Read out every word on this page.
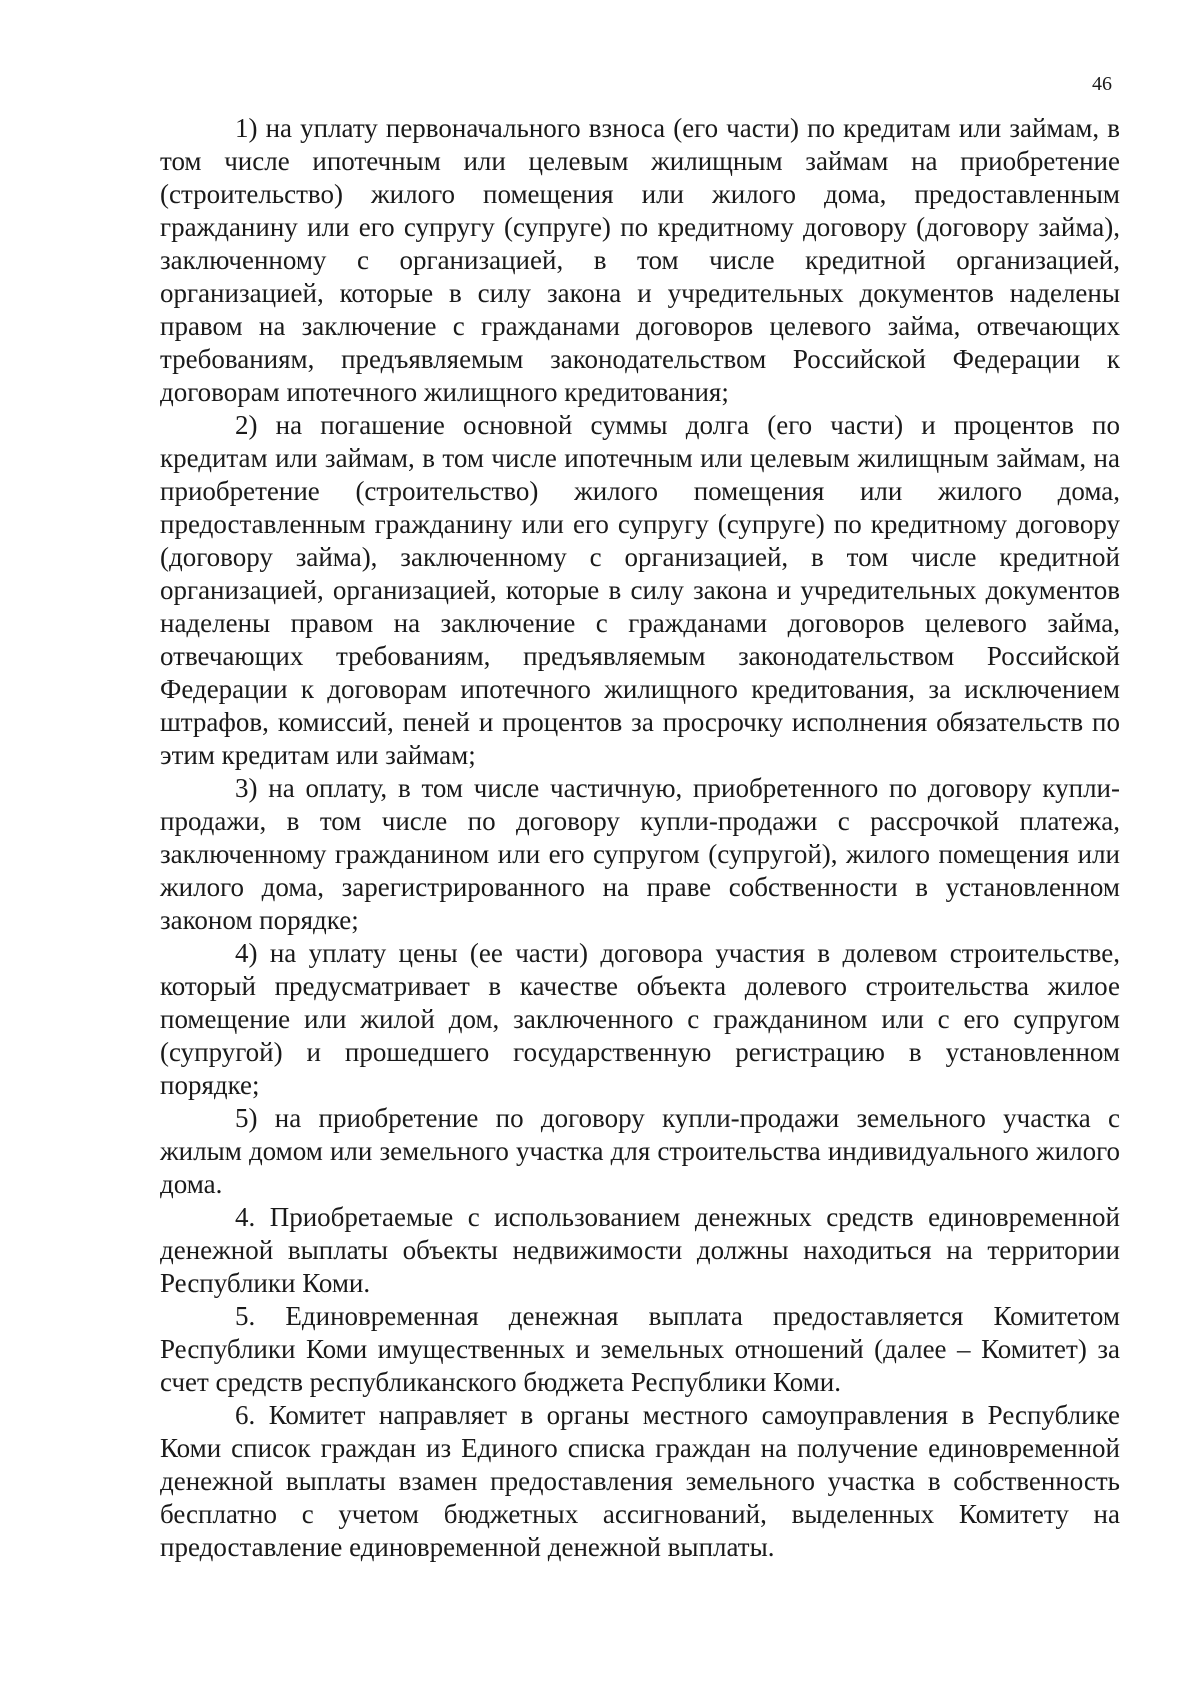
46

1) на уплату первоначального взноса (его части) по кредитам или займам, в том числе ипотечным или целевым жилищным займам на приобретение (строительство) жилого помещения или жилого дома, предоставленным гражданину или его супругу (супруге) по кредитному договору (договору займа), заключенному с организацией, в том числе кредитной организацией, организацией, которые в силу закона и учредительных документов наделены правом на заключение с гражданами договоров целевого займа, отвечающих требованиям, предъявляемым законодательством Российской Федерации к договорам ипотечного жилищного кредитования;

2) на погашение основной суммы долга (его части) и процентов по кредитам или займам, в том числе ипотечным или целевым жилищным займам, на приобретение (строительство) жилого помещения или жилого дома, предоставленным гражданину или его супругу (супруге) по кредитному договору (договору займа), заключенному с организацией, в том числе кредитной организацией, организацией, которые в силу закона и учредительных документов наделены правом на заключение с гражданами договоров целевого займа, отвечающих требованиям, предъявляемым законодательством Российской Федерации к договорам ипотечного жилищного кредитования, за исключением штрафов, комиссий, пеней и процентов за просрочку исполнения обязательств по этим кредитам или займам;

3) на оплату, в том числе частичную, приобретенного по договору купли-продажи, в том числе по договору купли-продажи с рассрочкой платежа, заключенному гражданином или его супругом (супругой), жилого помещения или жилого дома, зарегистрированного на праве собственности в установленном законом порядке;

4) на уплату цены (ее части) договора участия в долевом строительстве, который предусматривает в качестве объекта долевого строительства жилое помещение или жилой дом, заключенного с гражданином или с его супругом (супругой) и прошедшего государственную регистрацию в установленном порядке;

5) на приобретение по договору купли-продажи земельного участка с жилым домом или земельного участка для строительства индивидуального жилого дома.

4. Приобретаемые с использованием денежных средств единовременной денежной выплаты объекты недвижимости должны находиться на территории Республики Коми.

5. Единовременная денежная выплата предоставляется Комитетом Республики Коми имущественных и земельных отношений (далее – Комитет) за счет средств республиканского бюджета Республики Коми.

6. Комитет направляет в органы местного самоуправления в Республике Коми список граждан из Единого списка граждан на получение единовременной денежной выплаты взамен предоставления земельного участка в собственность бесплатно с учетом бюджетных ассигнований, выделенных Комитету на предоставление единовременной денежной выплаты.
